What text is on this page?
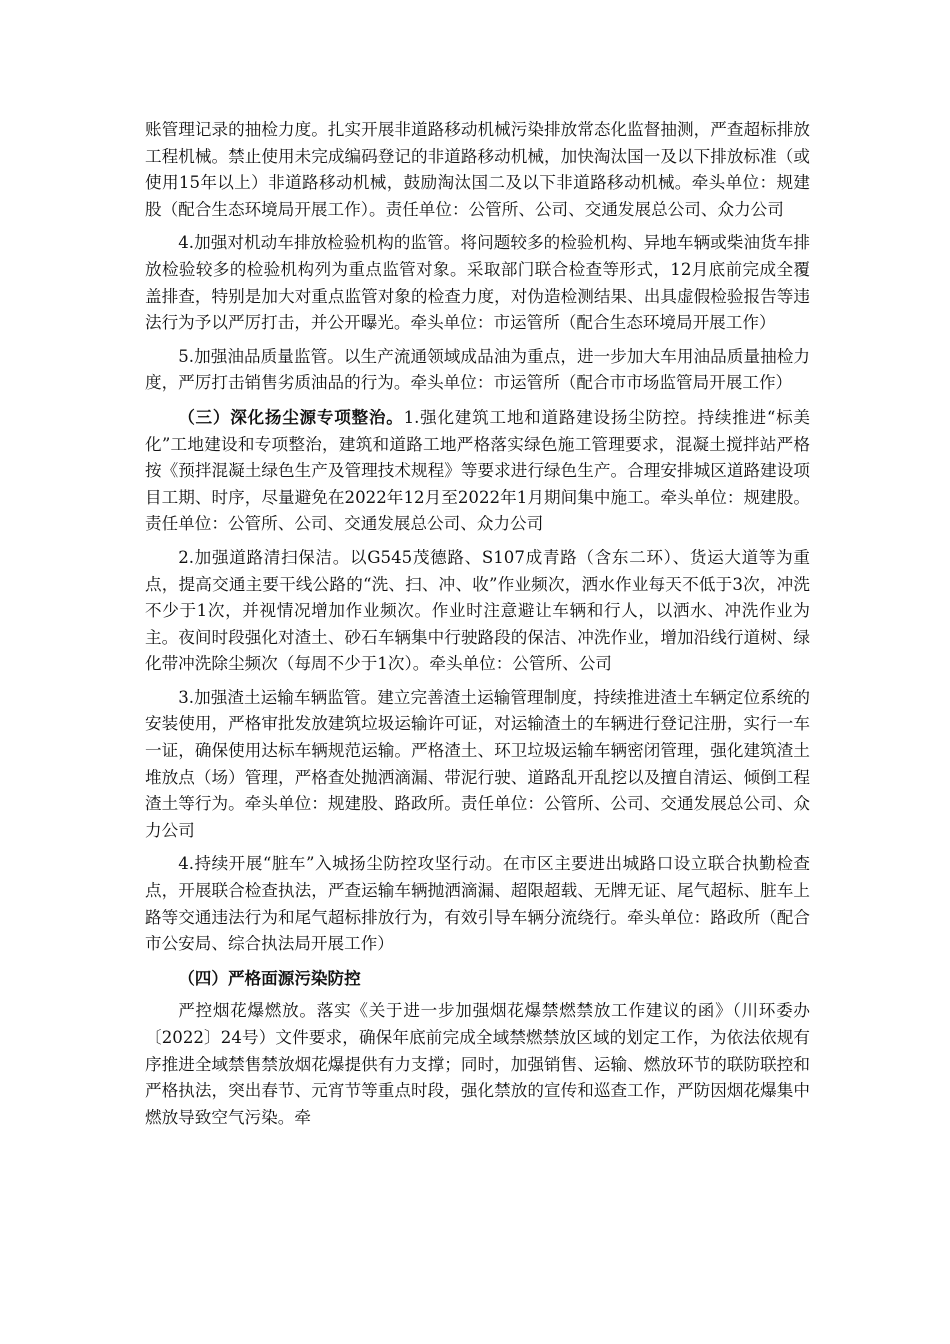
账管理记录的抽检力度。扎实开展非道路移动机械污染排放常态化监督抽测，严查超标排放工程机械。禁止使用未完成编码登记的非道路移动机械，加快淘汰国一及以下排放标准（或使用15年以上）非道路移动机械，鼓励淘汰国二及以下非道路移动机械。牵头单位：规建股（配合生态环境局开展工作）。责任单位：公管所、公司、交通发展总公司、众力公司

4.加强对机动车排放检验机构的监管。将问题较多的检验机构、异地车辆或柴油货车排放检验较多的检验机构列为重点监管对象。采取部门联合检查等形式，12月底前完成全覆盖排查，特别是加大对重点监管对象的检查力度，对伪造检测结果、出具虚假检验报告等违法行为予以严厉打击，并公开曝光。牵头单位：市运管所（配合生态环境局开展工作）

5.加强油品质量监管。以生产流通领域成品油为重点，进一步加大车用油品质量抽检力度，严厉打击销售劣质油品的行为。牵头单位：市运管所（配合市市场监管局开展工作）

（三）深化扬尘源专项整治。1.强化建筑工地和道路建设扬尘防控。持续推进“标美化”工地建设和专项整治，建筑和道路工地严格落实绿色施工管理要求，混凝土搅拌站严格按《预拌混凝土绿色生产及管理技术规程》等要求进行绿色生产。合理安排城区道路建设项目工期、时序，尽量避免在2022年12月至2022年1月期间集中施工。牵头单位：规建股。责任单位：公管所、公司、交通发展总公司、众力公司

2.加强道路清扫保洁。以G545茂德路、S107成青路（含东二环）、货运大道等为重点，提高交通主要干线公路的“洗、扫、冲、收”作业频次，洒水作业每天不低于3次，冲洗不少于1次，并视情况增加作业频次。作业时注意避让车辆和行人，以洒水、冲洗作业为主。夜间时段强化对渣土、砂石车辆集中行驶路段的保洁、冲洗作业，增加沿线行道树、绿化带冲洗除尘频次（每周不少于1次）。牵头单位：公管所、公司

3.加强渣土运输车辆监管。建立完善渣土运输管理制度，持续推进渣土车辆定位系统的安装使用，严格审批发放建筑垃圾运输许可证，对运输渣土的车辆进行登记注册，实行一车一证，确保使用达标车辆规范运输。严格渣土、环卫垃圾运输车辆密闭管理，强化建筑渣土堆放点（场）管理，严格查处抛洒滴漏、带泥行驶、道路乱开乱挖以及擅自清运、倾倒工程渣土等行为。牵头单位：规建股、路政所。责任单位：公管所、公司、交通发展总公司、众力公司

4.持续开展“脏车”入城扬尘防控攻坚行动。在市区主要进出城路口设立联合执勤检查点，开展联合检查执法，严查运输车辆抛洒滴漏、超限超载、无牌无证、尾气超标、脏车上路等交通违法行为和尾气超标排放行为，有效引导车辆分流绕行。牵头单位：路政所（配合市公安局、综合执法局开展工作）

（四）严格面源污染防控

严控烟花爆燃放。落实《关于进一步加强烟花爆禁燃禁放工作建议的函》（川环委办〔2022〕24号）文件要求，确保年底前完成全域禁燃禁放区域的划定工作，为依法依规有序推进全域禁售禁放烟花爆提供有力支撑；同时，加强销售、运输、燃放环节的联防联控和严格执法，突出春节、元宵节等重点时段，强化禁放的宣传和巡查工作，严防因烟花爆集中燃放导致空气污染。牵
